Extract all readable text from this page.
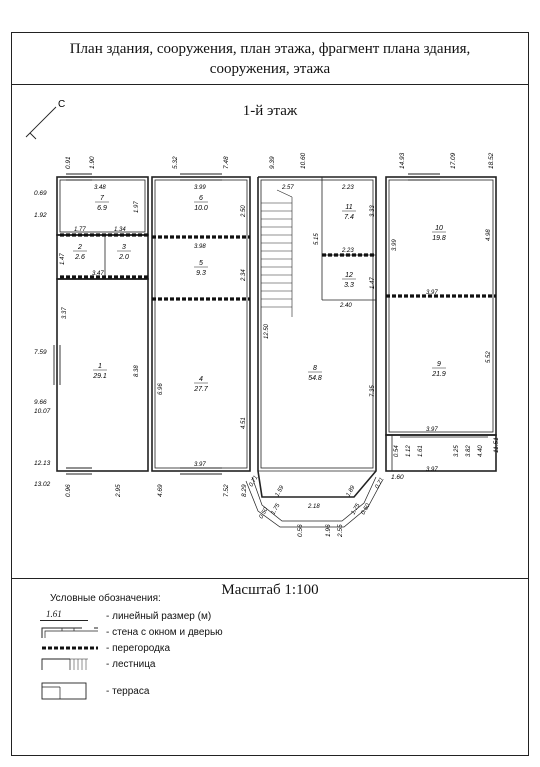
План здания, сооружения, план этажа, фрагмент плана здания,
сооружения, этажа
1-й этаж
С
7
6.9
2
2.6
3
2.0
1
29.1
6
10.0
5
9.3
4
27.7
11
7.4
12
3.3
8
54.8
10
19.8
9
21.9
0.91	1.90	5.32	7.48	9.39	10.60	14.93	17.09	18.52
0.69
1.92
7.59
9.66
10.07
12.13
13.02 0.96	2.95	4.69	7.52 8.29
0.56	1.96 2.55
1.60
11.51
3.48	3.99	2.57	2.23
1.97	2.50	3.33
3.99
4.98
1.77	1.34
3.98
5.15
2.23
1.47
1.47
2.34
3.47
2.40
3.97
3.37
12.50
8.38
6.96
4.51
7.35
5.52
3.97
3.97
3.97
0.54 1.12 1.61	3.25 3.82 4.40
1.59	1.89
2.18
0.71
0.50 1.75	1.75
0.50
0.71
Масштаб 1:100
Условные обозначения:
1.61	- линейный размер (м)
- стена с окном и дверью
- перегородка
- лестница
- терраса
